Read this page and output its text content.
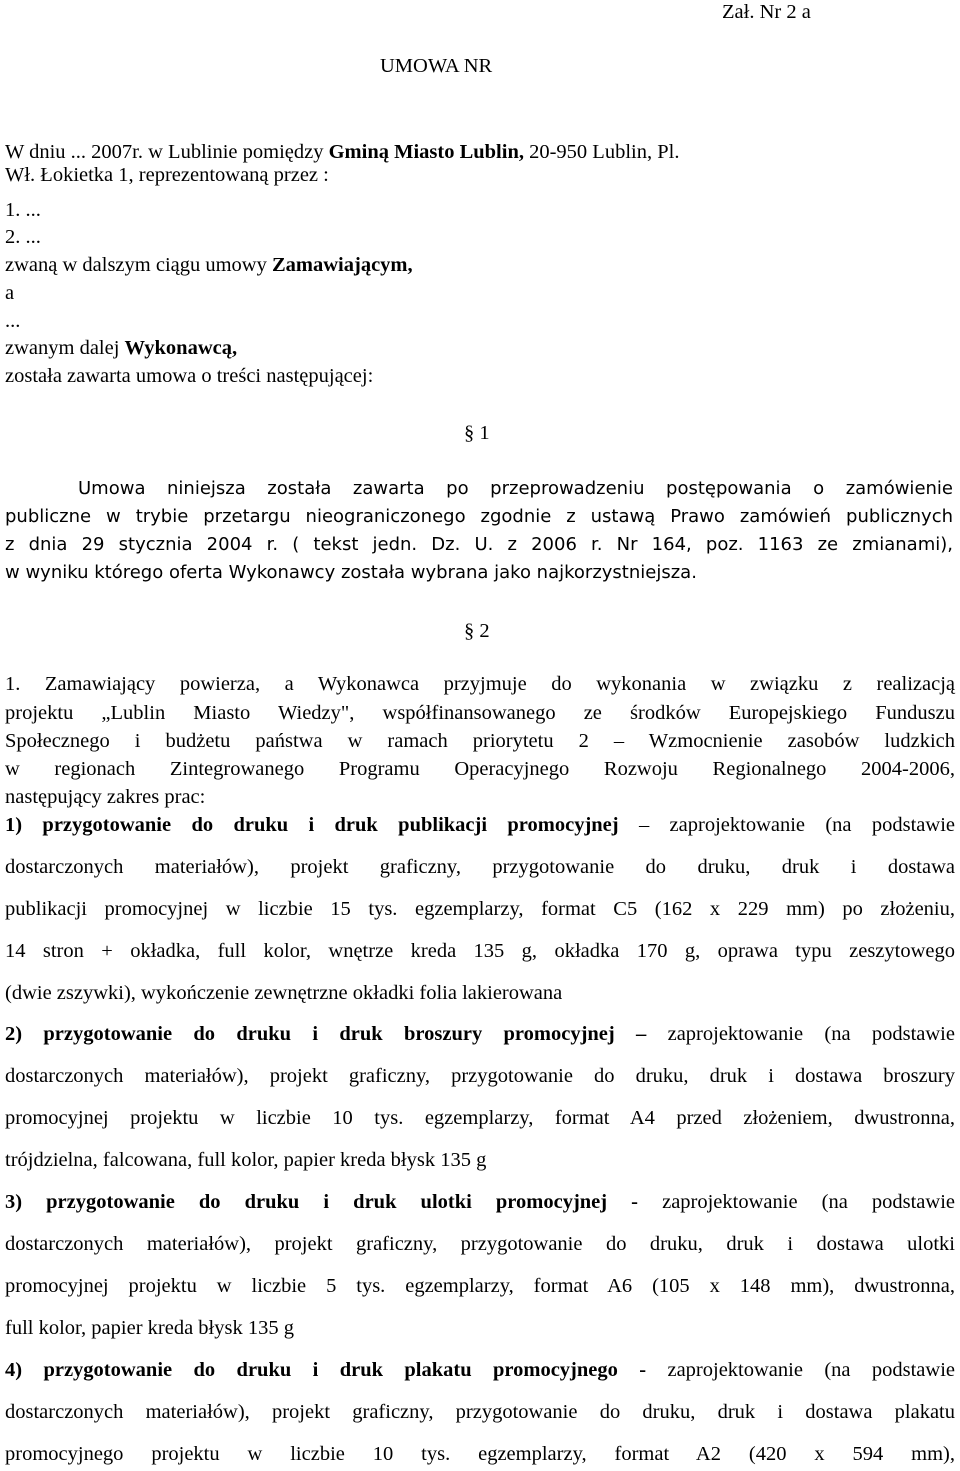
Zał. Nr 2 a
UMOWA NR
W dniu ... 2007r. w Lublinie pomiędzy Gminą Miasto Lublin, 20-950 Lublin, Pl.
Wł. Łokietka 1, reprezentowaną przez :
1. ...
2. ...
zwaną w dalszym ciągu umowy Zamawiającym,
a
...
zwanym dalej Wykonawcą,
została zawarta umowa o treści następującej:
§ 1
Umowa niniejsza została zawarta po przeprowadzeniu postępowania o zamówienie
publiczne w trybie przetargu nieograniczonego zgodnie z ustawą Prawo zamówień publicznych
z dnia 29 stycznia 2004 r. ( tekst jedn. Dz. U. z 2006 r. Nr 164, poz. 1163 ze zmianami),
w wyniku którego oferta Wykonawcy została wybrana jako najkorzystniejsza.
§ 2
1. Zamawiający powierza, a Wykonawca przyjmuje do wykonania w związku z realizacją
projektu „Lublin Miasto Wiedzy", współfinansowanego ze środków Europejskiego Funduszu
Społecznego i budżetu państwa w ramach priorytetu 2 – Wzmocnienie zasobów ludzkich
w regionach Zintegrowanego Programu Operacyjnego Rozwoju Regionalnego 2004-2006,
następujący zakres prac:
1) przygotowanie do druku i druk publikacji promocyjnej – zaprojektowanie (na podstawie
dostarczonych materiałów), projekt graficzny, przygotowanie do druku, druk i dostawa
publikacji promocyjnej w liczbie 15 tys. egzemplarzy, format C5 (162 x 229 mm) po złożeniu,
14 stron + okładka, full kolor, wnętrze kreda 135 g, okładka 170 g, oprawa typu zeszytowego
(dwie zszywki), wykończenie zewnętrzne okładki folia lakierowana
2) przygotowanie do druku i druk broszury promocyjnej – zaprojektowanie (na podstawie
dostarczonych materiałów), projekt graficzny, przygotowanie do druku, druk i dostawa broszury
promocyjnej projektu w liczbie 10 tys. egzemplarzy, format A4 przed złożeniem, dwustronna,
trójdzielna, falcowana, full kolor, papier kreda błysk 135 g
3) przygotowanie do druku i druk ulotki promocyjnej - zaprojektowanie (na podstawie
dostarczonych materiałów), projekt graficzny, przygotowanie do druku, druk i dostawa ulotki
promocyjnej projektu w liczbie 5 tys. egzemplarzy, format A6 (105 x 148 mm), dwustronna,
full kolor, papier kreda błysk 135 g
4) przygotowanie do druku i druk plakatu promocyjnego - zaprojektowanie (na podstawie
dostarczonych materiałów), projekt graficzny, przygotowanie do druku, druk i dostawa plakatu
promocyjnego projektu w liczbie 10 tys. egzemplarzy, format A2 (420 x 594 mm),
